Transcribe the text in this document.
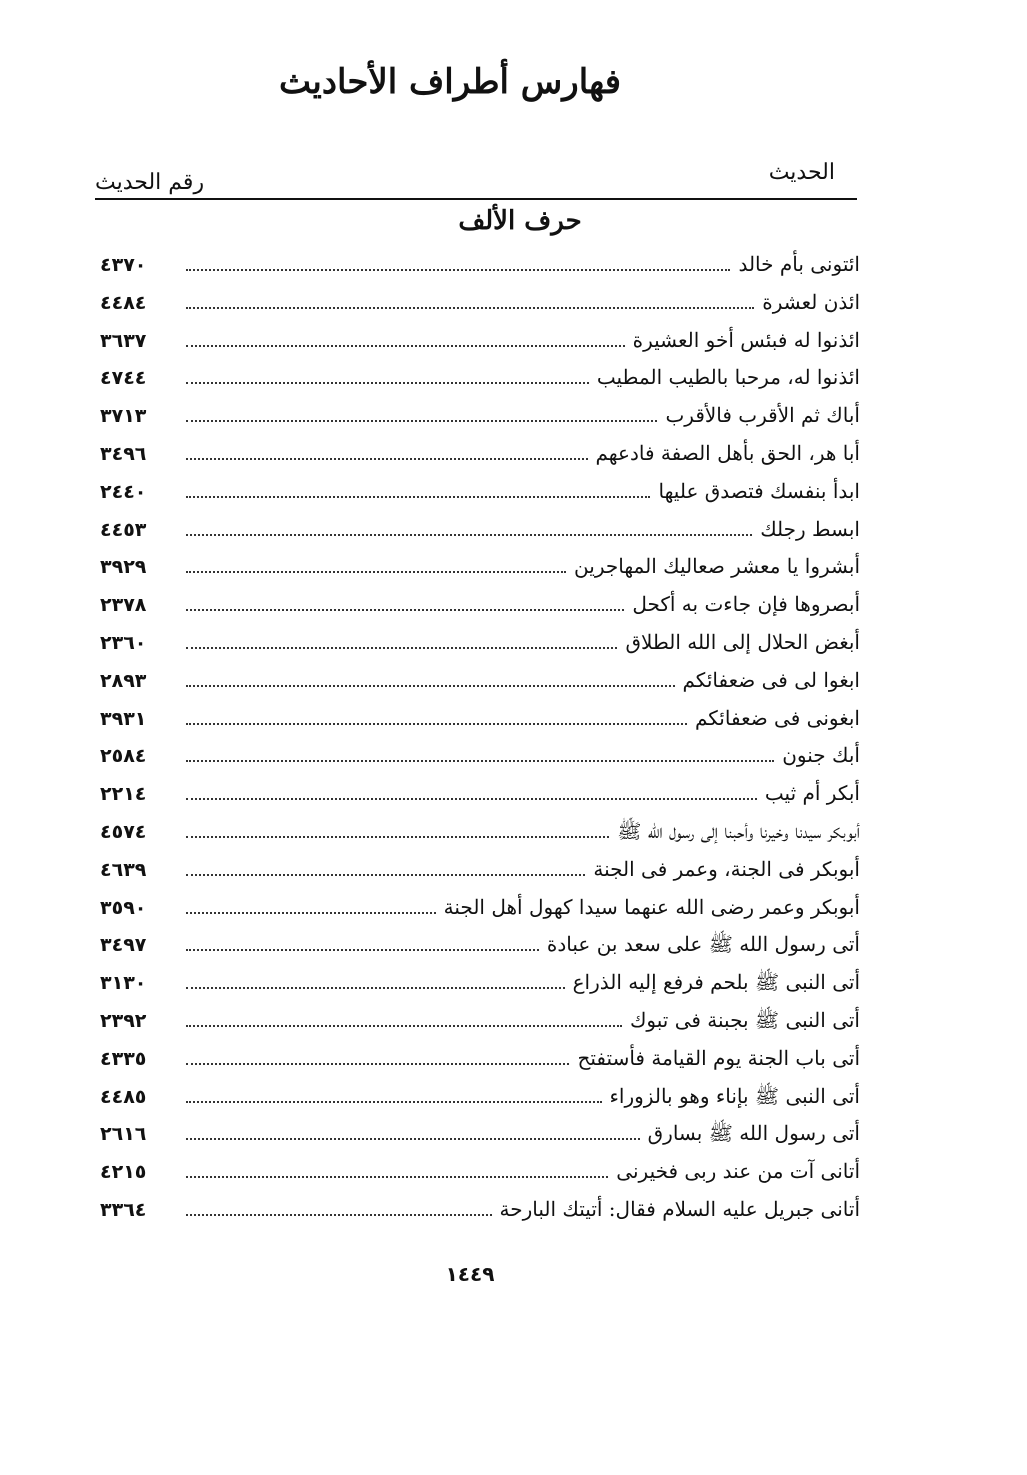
فهارس أطراف الأحاديث
الحديث
رقم الحديث
حرف الألف
ائتونى بأم خالد
٤٣٧٠
ائذن لعشرة
٤٤٨٤
ائذنوا له فبئس أخو العشيرة
٣٦٣٧
ائذنوا له، مرحبا بالطيب المطيب
٤٧٤٤
أباك ثم الأقرب فالأقرب
٣٧١٣
أبا هر، الحق بأهل الصفة فادعهم
٣٤٩٦
ابدأ بنفسك فتصدق عليها
٢٤٤٠
ابسط رجلك
٤٤٥٣
أبشروا يا معشر صعاليك المهاجرين
٣٩٢٩
أبصروها فإن جاءت به أكحل
٢٣٧٨
أبغض الحلال إلى الله الطلاق
٢٣٦٠
ابغوا لى فى ضعفائكم
٢٨٩٣
ابغونى فى ضعفائكم
٣٩٣١
أبك جنون
٢٥٨٤
أبكر أم ثيب
٢٢١٤
أبوبكر سيدنا وخيرنا وأحبنا إلى رسول الله ﷺ
٤٥٧٤
أبوبكر فى الجنة، وعمر فى الجنة
٤٦٣٩
أبوبكر وعمر رضى الله عنهما سيدا كهول أهل الجنة
٣٥٩٠
أتى رسول الله ﷺ على سعد بن عبادة
٣٤٩٧
أتى النبى ﷺ بلحم فرفع إليه الذراع
٣١٣٠
أتى النبى ﷺ بجبنة فى تبوك
٢٣٩٢
أتى باب الجنة يوم القيامة فأستفتح
٤٣٣٥
أتى النبى ﷺ بإناء وهو بالزوراء
٤٤٨٥
أتى رسول الله ﷺ بسارق
٢٦١٦
أتانى آت من عند ربى فخيرنى
٤٢١٥
أتانى جبريل عليه السلام فقال: أتيتك البارحة
٣٣٦٤
١٤٤٩
